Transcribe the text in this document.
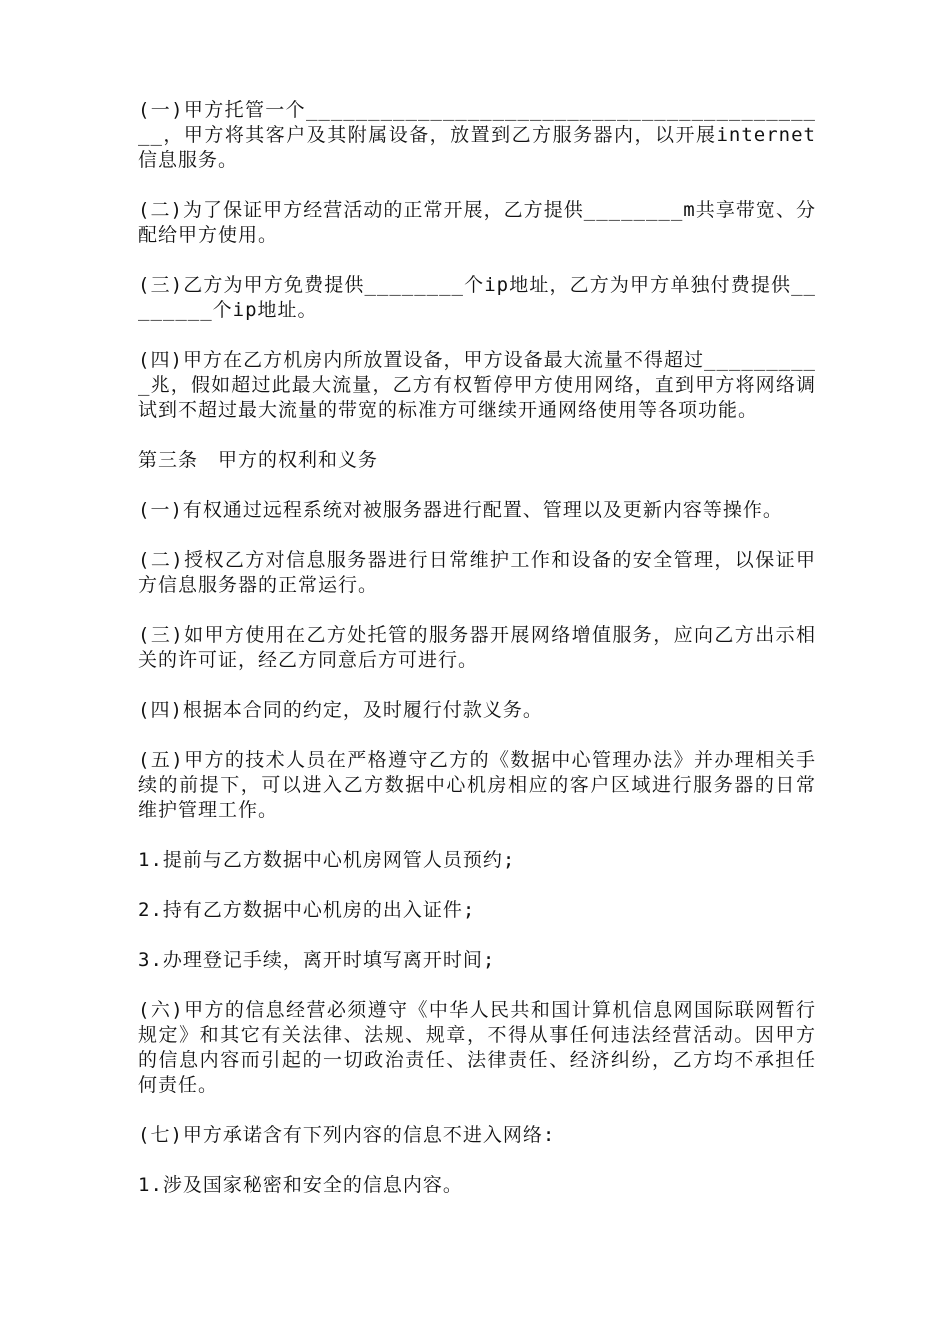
(一)甲方托管一个___________________________________________，甲方将其客户及其附属设备，放置到乙方服务器内，以开展internet 信息服务。

(二)为了保证甲方经营活动的正常开展，乙方提供________m共享带宽、分配给甲方使用。

(三)乙方为甲方免费提供________个ip地址，乙方为甲方单独付费提供________个ip地址。

(四)甲方在乙方机房内所放置设备，甲方设备最大流量不得超过__________兆，假如超过此最大流量，乙方有权暂停甲方使用网络，直到甲方将网络调试到不超过最大流量的带宽的标准方可继续开通网络使用等各项功能。

第三条　甲方的权利和义务

(一)有权通过远程系统对被服务器进行配置、管理以及更新内容等操作。

(二)授权乙方对信息服务器进行日常维护工作和设备的安全管理，以保证甲方信息服务器的正常运行。

(三)如甲方使用在乙方处托管的服务器开展网络增值服务，应向乙方出示相关的许可证，经乙方同意后方可进行。

(四)根据本合同的约定，及时履行付款义务。

(五)甲方的技术人员在严格遵守乙方的《数据中心管理办法》并办理相关手续的前提下，可以进入乙方数据中心机房相应的客户区域进行服务器的日常维护管理工作。

1.提前与乙方数据中心机房网管人员预约;

2.持有乙方数据中心机房的出入证件;

3.办理登记手续，离开时填写离开时间;

(六)甲方的信息经营必须遵守《中华人民共和国计算机信息网国际联网暂行规定》和其它有关法律、法规、规章，不得从事任何违法经营活动。因甲方的信息内容而引起的一切政治责任、法律责任、经济纠纷，乙方均不承担任何责任。

(七)甲方承诺含有下列内容的信息不进入网络:

1.涉及国家秘密和安全的信息内容。
